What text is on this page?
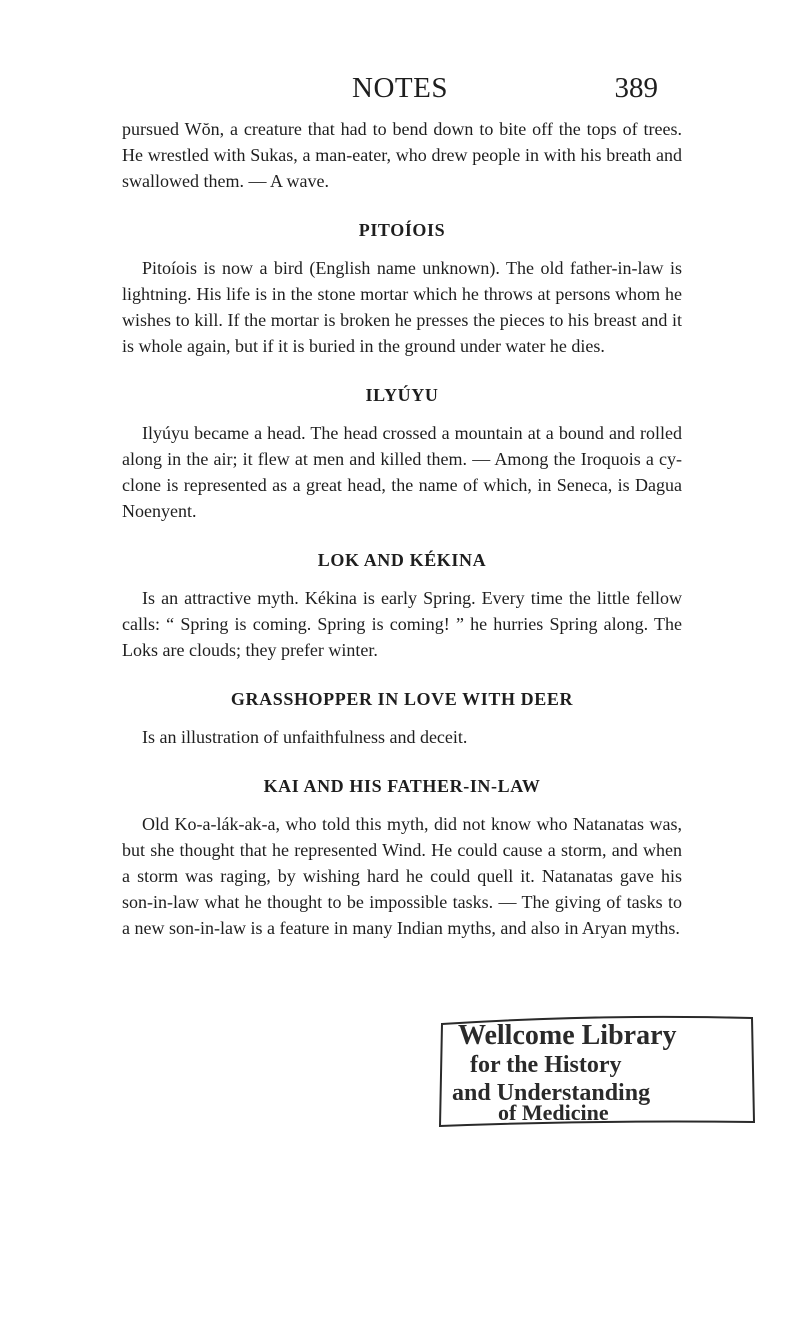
NOTES	389

pursued Wŏn, a creature that had to bend down to bite off the tops of trees. He wrestled with Sukas, a man-eater, who drew people in with his breath and swallowed them. — A wave.

PITOÍOIS

Pitoíois is now a bird (English name unknown). The old father-in-law is lightning. His life is in the stone mortar which he throws at persons whom he wishes to kill. If the mortar is broken he presses the pieces to his breast and it is whole again, but if it is buried in the ground under water he dies.

ILYÚYU

Ilyúyu became a head. The head crossed a mountain at a bound and rolled along in the air; it flew at men and killed them. — Among the Iroquois a cy-clone is represented as a great head, the name of which, in Seneca, is Dagua Noenyent.

LOK AND KÉKINA

Is an attractive myth. Kékina is early Spring. Every time the little fellow calls: “ Spring is coming. Spring is coming! ” he hurries Spring along. The Loks are clouds; they prefer winter.

GRASSHOPPER IN LOVE WITH DEER

Is an illustration of unfaithfulness and deceit.

KAI AND HIS FATHER-IN-LAW

Old Ko-a-lák-ak-a, who told this myth, did not know who Natanatas was, but she thought that he represented Wind. He could cause a storm, and when a storm was raging, by wishing hard he could quell it. Natanatas gave his son-in-law what he thought to be impossible tasks. — The giving of tasks to a new son-in-law is a feature in many Indian myths, and also in Aryan myths.

Wellcome Library
for the History
and Understanding
of Medicine
